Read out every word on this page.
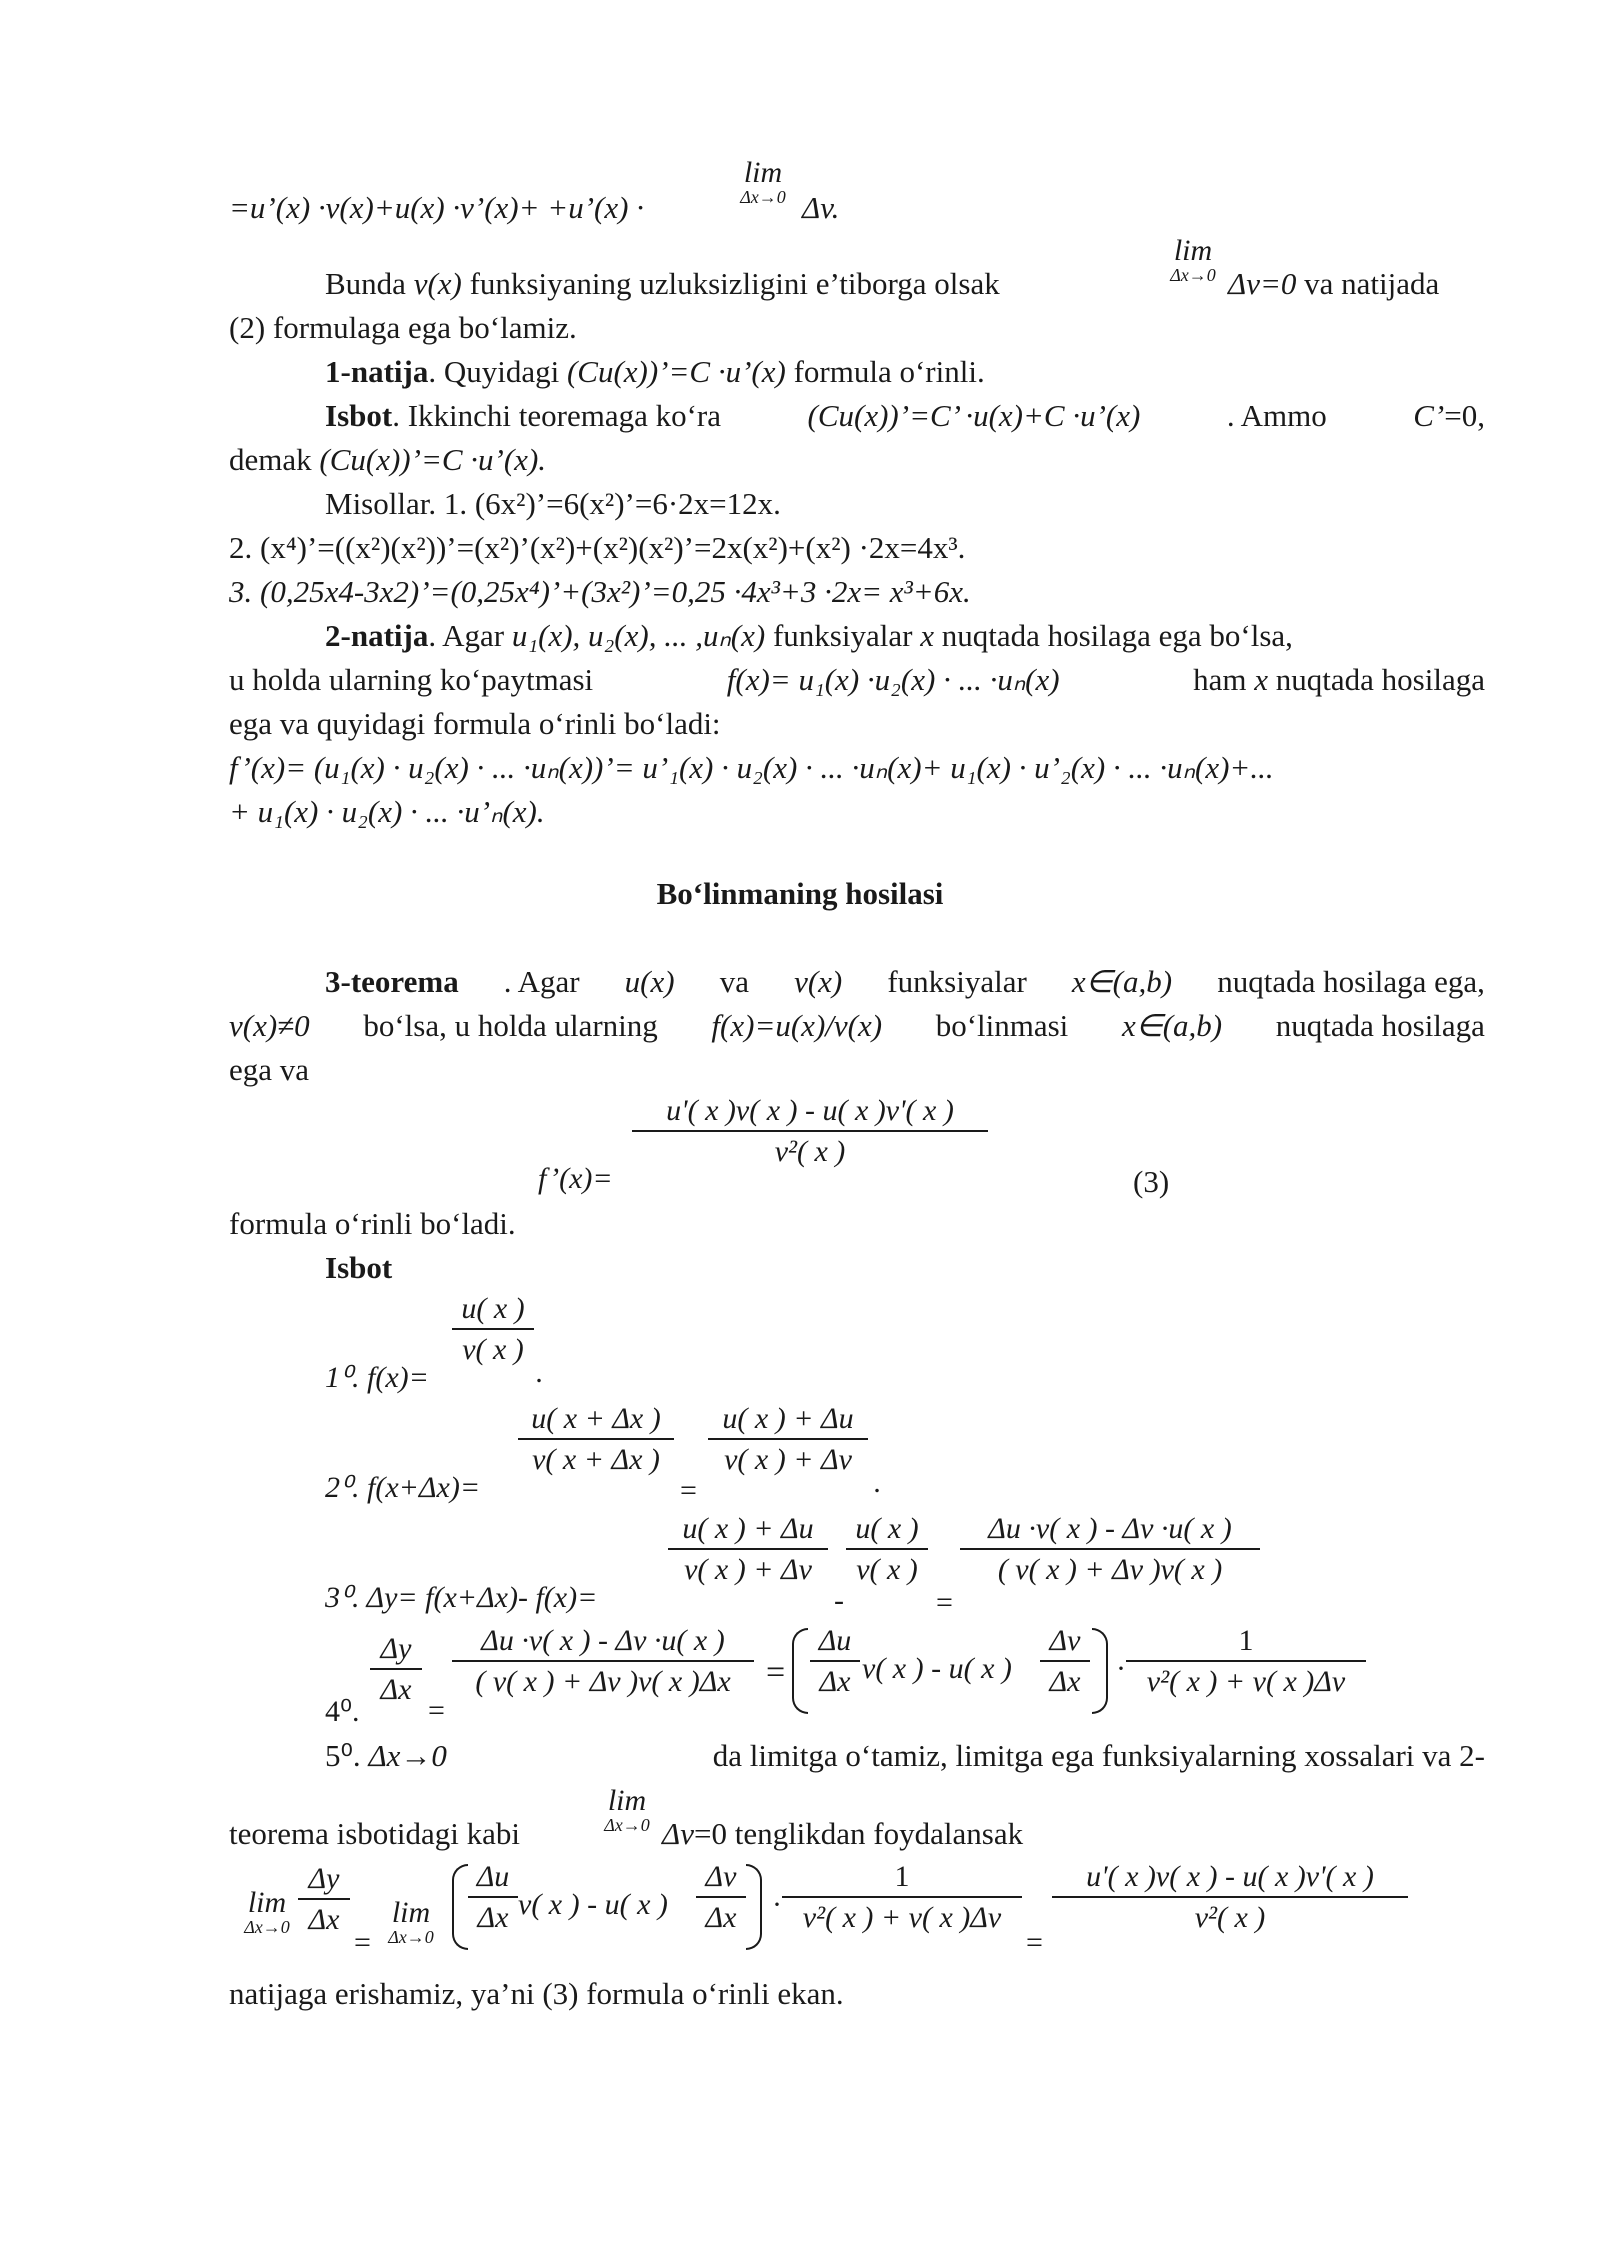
=u’(x) ·v(x)+u(x) ·v’(x)+ +u’(x) ·
lim
Δx→0 Δv.
Bunda v(x) funksiyaning uzluksizligini e’tiborga olsak
lim
Δx→0 Δv=0 va natijada
(2) formulaga ega bo‘lamiz.
1-natija. Quyidagi (Cu(x))’=C ·u’(x) formula o‘rinli.
Isbot. Ikkinchi teoremaga ko‘ra	(Cu(x))’=C’ ·u(x)+C ·u’(x)	. Ammo	C’=0,
demak (Cu(x))’=C ·u’(x).
Misollar. 1. (6x²)’=6(x²)’=6·2x=12x.
2. (x⁴)’=((x²)(x²))’=(x²)’(x²)+(x²)(x²)’=2x(x²)+(x²) ·2x=4x³.
3. (0,25x4-3x2)’=(0,25x⁴)’+(3x²)’=0,25 ·4x³+3 ·2x= x³+6x.
2-natija. Agar u₁(x), u₂(x), ... ,uₙ(x) funksiyalar x nuqtada hosilaga ega bo‘lsa,
u holda ularning ko‘paytmasi	f(x)= u₁(x) ·u₂(x) · ... ·uₙ(x)	ham x nuqtada hosilaga
ega va quyidagi formula o‘rinli bo‘ladi:
f’(x)= (u₁(x) · u₂(x) · ... ·uₙ(x))’= u’₁(x) · u₂(x) · ... ·uₙ(x)+ u₁(x) · u’₂(x) · ... ·uₙ(x)+...
+ u₁(x) · u₂(x) · ... ·u’ₙ(x).
Bo‘linmaning hosilasi
3-teorema . Agar u(x) va v(x) funksiyalar x∈(a,b) nuqtada hosilaga ega,
v(x)≠0 bo‘lsa, u holda ularning f(x)=u(x)/v(x) bo‘linmasi x∈(a,b) nuqtada hosilaga
ega va
f’(x)=
u'( x )v( x ) - u( x )v'( x )
v²( x )
(3)
formula o‘rinli bo‘ladi.
Isbot
1⁰. f(x)=
u( x )
v( x )
.
2⁰. f(x+Δx)=
u( x + Δx )
v( x + Δx )
=
u( x ) + Δu
v( x ) + Δv
.
3⁰. Δy= f(x+Δx)- f(x)=
u( x ) + Δu
v( x ) + Δv
-
u( x )
v( x )
=
Δu ·v( x ) - Δv ·u( x )
( v( x ) + Δv )v( x )
4⁰.
Δy
Δx
=
Δu ·v( x ) - Δv ·u( x )
( v( x ) + Δv )v( x )Δx	=
Δu
Δx v( x ) - u( x )
Δv
Δx	·
1
v²( x ) + v( x )Δv
5⁰. Δx→0	da limitga o‘tamiz, limitga ega funksiyalarning xossalari va 2-
teorema isbotidagi kabi
lim
Δx→0 Δv=0 tenglikdan foydalansak
lim
Δx→0
Δy
Δx
=
lim
Δx→0
Δu
Δx v( x ) - u( x )
Δv
Δx	·
1
v²( x ) + v( x )Δv
=
u'( x )v( x ) - u( x )v'( x )
v²( x )
natijaga erishamiz, ya’ni (3) formula o‘rinli ekan.
